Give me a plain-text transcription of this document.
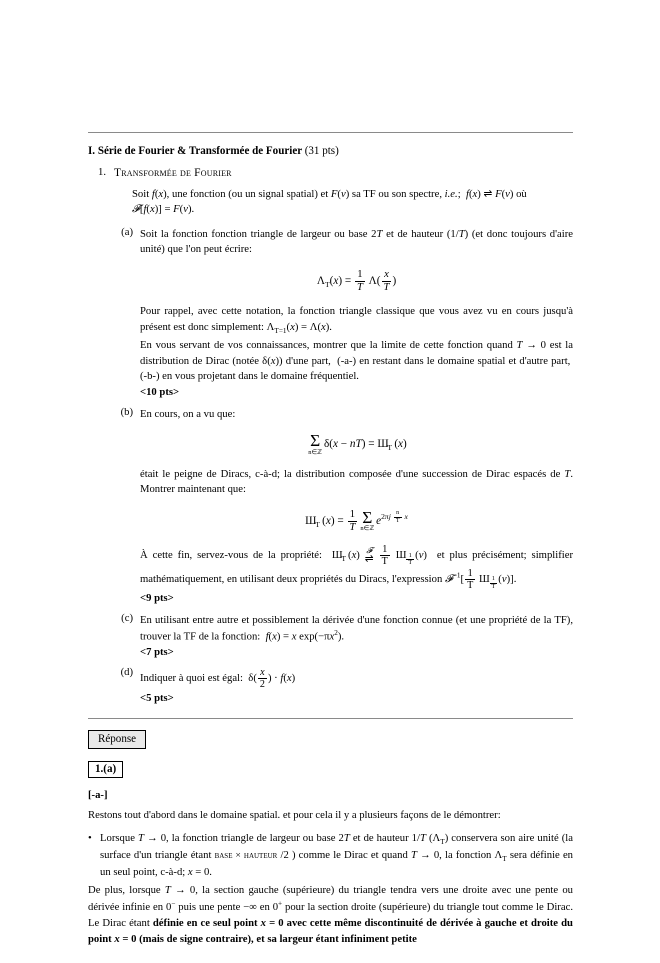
I. Série de Fourier & Transformée de Fourier (31 pts)
1. Transformée de Fourier
Soit f(x), une fonction (ou un signal spatial) et F(ν) sa TF ou son spectre, i.e.;  f(x) ⇌ F(ν) où
𝓕[f(x)] = F(ν).
(a) Soit la fonction fonction triangle de largeur ou base 2T et de hauteur (1/T) (et donc toujours d'aire unité) que l'on peut écrire:
$\Lambda_T(x) = \frac{1}{T} \Lambda( \frac{x}{T}$ )
Pour rappel, avec cette notation, la fonction triangle classique que vous avez vu en cours jusqu'à présent est donc simplement: $\Lambda_{T=1}(x) = \Lambda(x)$.
En vous servant de vos connaissances, montrer que la limite de cette fonction quand T → 0 est la distribution de Dirac (notée δ(x)) d'une part,  (-a-) en restant dans le domaine spatial et d'autre part,  (-b-) en vous projetant dans le domaine fréquentiel.
<10 pts>
(b) En cours, on a vu que:
Σ
n∈ℤ
$\delta(x - nT) = Ш_T$ (x)
était le peigne de Diracs, c-à-d; la distribution composée d'une succession de Dirac espacés de T. Montrer maintenant que:
$Ш_T$ $(x) = \frac{1}{T}$ Σ
n∈ℤ
$e^{2\pi j \frac{n}{T} x}$
À cette fin, servez-vous de la propriété:  $Ш_T$ (x)
𝓕
⇌
$\frac{1}{T}$ Ш $_{\frac{1}{T}}$ (ν)  et plus précisément; simplifier mathématiquement, en utilisant deux propriétés du Diracs, l'expression 𝓕$^{-1}$[ $\frac{1}{T}$ Ш $_{\frac{1}{T}}$ (ν)].
<9 pts>
(c) En utilisant entre autre et possiblement la dérivée d'une fonction connue (et une propriété de la TF), trouver la TF de la fonction:  f(x) = x $\exp(-\pi x^2)$.
<7 pts>
(d)
Indiquer à quoi est égal:  $\delta( \frac{x}{2}$ ) · f(x)
<5 pts>
Réponse
1.(a)
[-a-]
Restons tout d'abord dans le domaine spatial. et pour cela il y a plusieurs façons de le démontrer:
• Lorsque T → 0, la fonction triangle de largeur ou base 2T et de hauteur 1/T $(\Lambda_T)$ conservera son aire unité (la surface d'un triangle étant base × hauteur /2 ) comme le Dirac et quand T → 0, la fonction $\Lambda_T$ sera définie en un seul point, c-à-d; x = 0.
De plus, lorsque T → 0, la section gauche (supérieure) du triangle tendra vers une droite avec une pente ou dérivée infinie en 0− puis une pente −∞ en 0+ pour la section droite (supérieure) du triangle tout comme le Dirac. Le Dirac étant définie en ce seul point x = 0 avec cette même discontinuité de dérivée à gauche et droite du point x = 0 (mais de signe contraire), et sa largeur étant infiniment petite
